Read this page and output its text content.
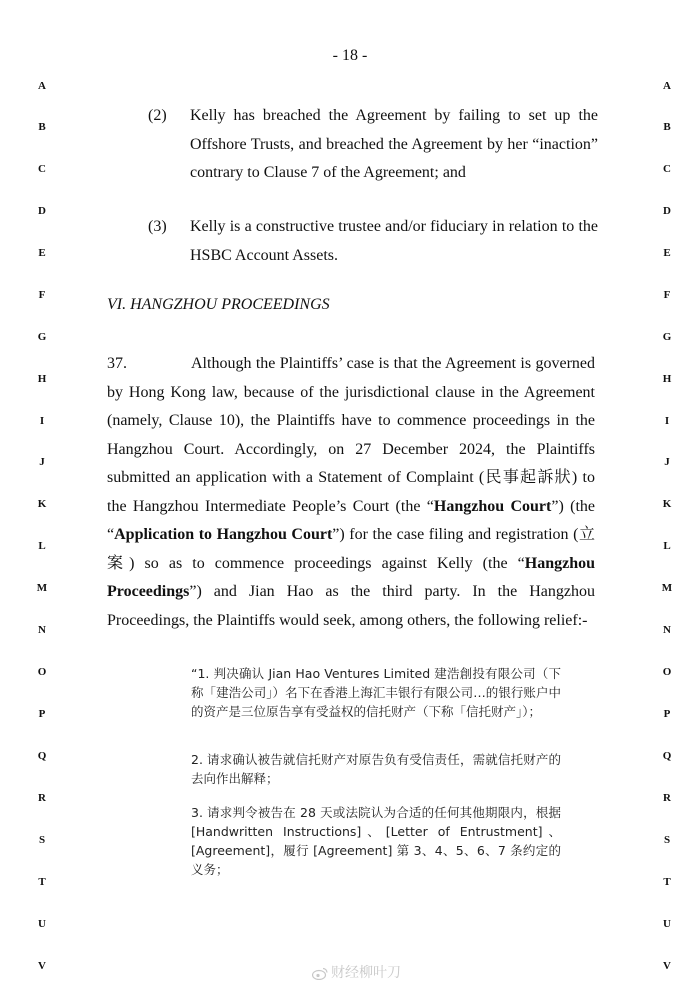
- 18 -
A
B
C
D
E
F
G
H
I
J
K
L
M
N
O
P
Q
R
S
T
U
V
A
B
C
D
E
F
G
H
I
J
K
L
M
N
O
P
Q
R
S
T
U
V
(2) Kelly has breached the Agreement by failing to set up the Offshore Trusts, and breached the Agreement by her “inaction” contrary to Clause 7 of the Agreement; and
(3) Kelly is a constructive trustee and/or fiduciary in relation to the HSBC Account Assets.
VI. HANGZHOU PROCEEDINGS
37.	Although the Plaintiffs’ case is that the Agreement is governed by Hong Kong law, because of the jurisdictional clause in the Agreement (namely, Clause 10), the Plaintiffs have to commence proceedings in the Hangzhou Court. Accordingly, on 27 December 2024, the Plaintiffs submitted an application with a Statement of Complaint (民事起訴狀) to the Hangzhou Intermediate People’s Court (the “Hangzhou Court”) (the “Application to Hangzhou Court”) for the case filing and registration (立案) so as to commence proceedings against Kelly (the “Hangzhou Proceedings”) and Jian Hao as the third party. In the Hangzhou Proceedings, the Plaintiffs would seek, among others, the following relief:-
“1. 判决确认 Jian Hao Ventures Limited 建浩創投有限公司（下称「建浩公司」）名下在香港上海汇丰银行有限公司…的银行账户中的资产是三位原告享有受益权的信托财产（下称「信托财产」）；
2. 请求确认被告就信托财产对原告负有受信责任，需就信托财产的去向作出解释；
3. 请求判令被告在 28 天或法院认为合适的任何其他期限内，根据 [Handwritten Instructions]、[Letter of Entrustment]、[Agreement]，履行 [Agreement] 第 3、4、5、6、7 条约定的义务；
财经柳叶刀
